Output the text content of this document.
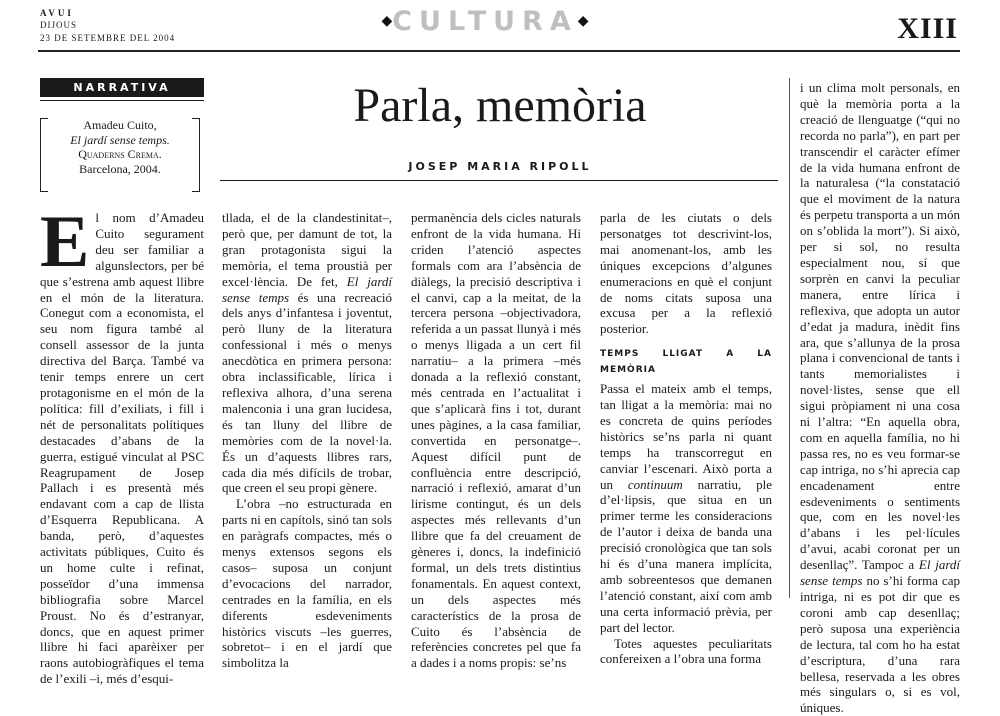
AVUI
DIJOUS
23 DE SETEMBRE DEL 2004
◆CULTURA◆	XIII
NARRATIVA
Amadeu Cuito,
El jardí sense temps.
Quaderns Crema.
Barcelona, 2004.
Parla, memòria
JOSEP MARIA RIPOLL

El nom d’Amadeu Cuito segurament deu ser familiar a algunslectors, per bé que s’estrena amb aquest llibre en el món de la literatura. Conegut com a economista, el seu nom figura també al consell assessor de la junta directiva del Barça. També va tenir temps enrere un cert protagonisme en el món de la política: fill d’exiliats, i fill i nét de personalitats polítiques destacades d’abans de la guerra, estigué vinculat al PSC Reagrupament de Josep Pallach i es presentà més endavant com a cap de llista d’Esquerra Republicana. A banda, però, d’aquestes activitats públiques, Cuito és un home culte i refinat, posseïdor d’una immensa bibliografia sobre Marcel Proust. No és d’estranyar, doncs, que en aquest primer llibre hi faci aparèixer per raons autobiogràfiques el tema de l’exili –i, més d’esqui-

tllada, el de la clandestinitat–, però que, per damunt de tot, la gran protagonista sigui la memòria, el tema proustià per excel·lència. De fet, El jardí sense temps és una recreació dels anys d’infantesa i joventut, però lluny de la literatura confessional i més o menys anecdòtica en primera persona: obra inclassificable, lírica i reflexiva alhora, d’una serena malenconia i una gran lucidesa, és tan lluny del llibre de memòries com de la novel·la. És un d’aquests llibres rars, cada dia més difícils de trobar, que creen el seu propi gènere.

L’obra –no estructurada en parts ni en capítols, sinó tan sols en paràgrafs compactes, més o menys extensos segons els casos– suposa un conjunt d’evocacions del narrador, centrades en la família, en els diferents esdeveniments històrics viscuts –les guerres, sobretot– i en el jardí que simbolitza la

permanència dels cicles naturals enfront de la vida humana. Hi criden l’atenció aspectes formals com ara l’absència de diàlegs, la precisió descriptiva i el canvi, cap a la meitat, de la tercera persona –objectivadora, referida a un passat llunyà i més o menys lligada a un cert fil narratiu– a la primera –més donada a la reflexió constant, més centrada en l’actualitat i que s’aplicarà fins i tot, durant unes pàgines, a la casa familiar, convertida en personatge–. Aquest difícil punt de confluència entre descripció, narració i reflexió, amarat d’un lirisme contingut, és un dels aspectes més rellevants d’un llibre que fa del creuament de gèneres i, doncs, la indefinició formal, un dels trets distintius fonamentals. En aquest context, un dels aspectes més característics de la prosa de Cuito és l’absència de referències concretes pel que fa a dades i a noms propis: se’ns

parla de les ciutats o dels personatges tot descrivint-los, mai anomenant-los, amb les úniques excepcions d’algunes enumeracions en què el conjunt de noms citats suposa una excusa per a la reflexió posterior.

TEMPS LLIGAT A LA MEMÒRIA

Passa el mateix amb el temps, tan lligat a la memòria: mai no es concreta de quins períodes històrics se’ns parla ni quant temps ha transcorregut en canviar l’escenari. Això porta a un continuum narratiu, ple d’el·lipsis, que situa en un primer terme les consideracions de l’autor i deixa de banda una precisió cronològica que tan sols hi és d’una manera implícita, amb sobreentesos que demanen l’atenció constant, així com amb una certa informació prèvia, per part del lector.

Totes aquestes peculiaritats confereixen a l’obra una forma

i un clima molt personals, en què la memòria porta a la creació de llenguatge (“qui no recorda no parla”), en part per transcendir el caràcter efímer de la vida humana enfront de la naturalesa (“la constatació que el moviment de la natura és perpetu transporta a un món on s’oblida la mort”). Si això, per si sol, no resulta especialment nou, sí que sorprèn en canvi la peculiar manera, entre lírica i reflexiva, que adopta un autor d’edat ja madura, inèdit fins ara, que s’allunya de la prosa plana i convencional de tants i tants memorialistes i novel·listes, sense que ell sigui pròpiament ni una cosa ni l’altra: “En aquella obra, com en aquella família, no hi passa res, no es veu formar-se cap intriga, no s’hi aprecia cap encadenament entre esdeveniments o sentiments que, com en les novel·les d’abans i les pel·lícules d’avui, acabi coronat per un desenllaç”. Tampoc a El jardí sense temps no s’hi forma cap intriga, ni es pot dir que es coroni amb cap desenllaç; però suposa una experiència de lectura, tal com ho ha estat d’escriptura, d’una rara bellesa, reservada a les obres més singulars o, si es vol, úniques.
